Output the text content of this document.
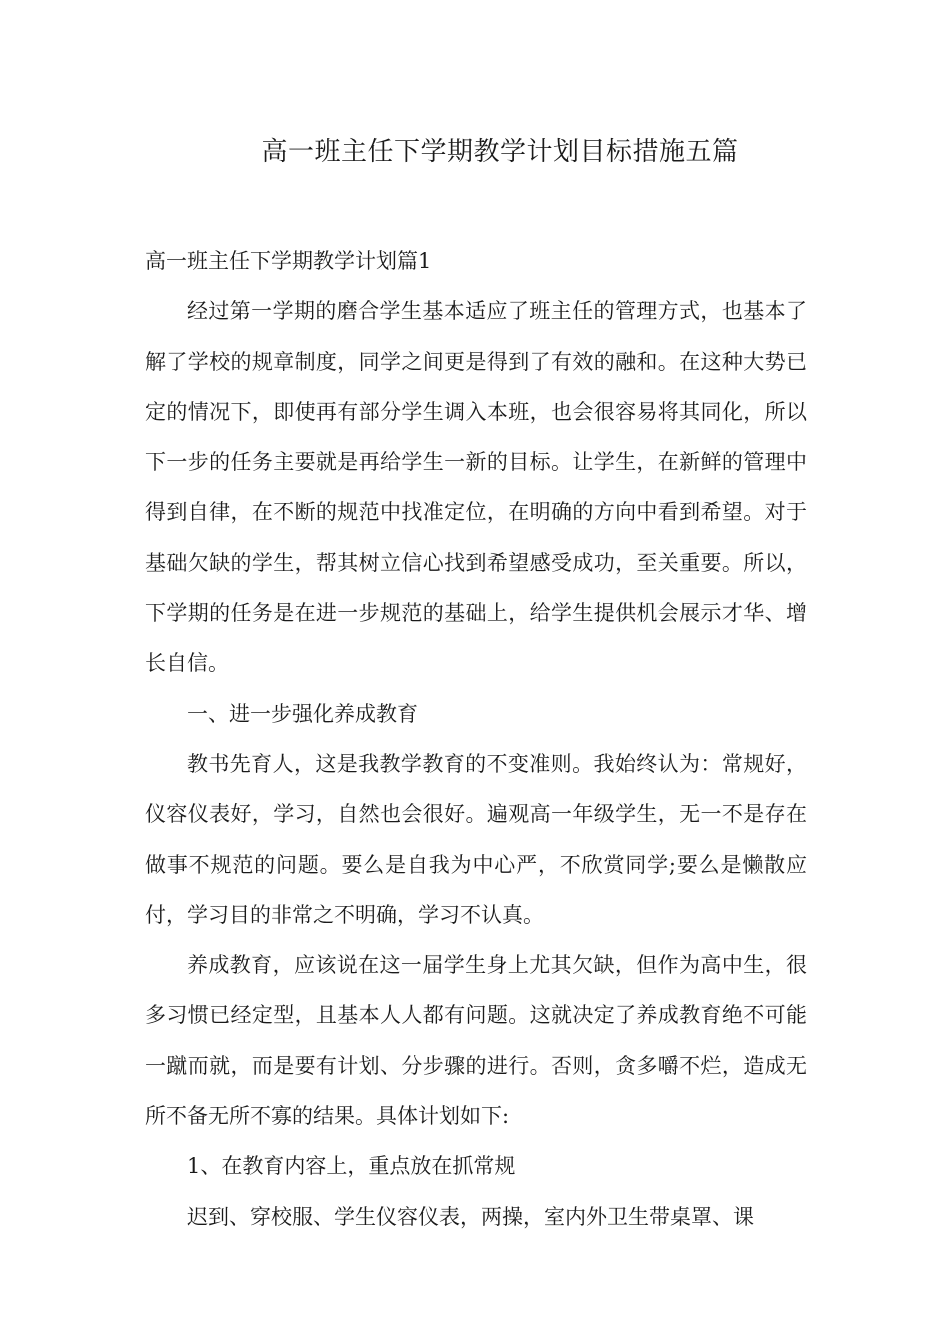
高一班主任下学期教学计划目标措施五篇

高一班主任下学期教学计划篇1

经过第一学期的磨合学生基本适应了班主任的管理方式，也基本了解了学校的规章制度，同学之间更是得到了有效的融和。在这种大势已定的情况下，即使再有部分学生调入本班，也会很容易将其同化，所以下一步的任务主要就是再给学生一新的目标。让学生，在新鲜的管理中得到自律，在不断的规范中找准定位，在明确的方向中看到希望。对于基础欠缺的学生，帮其树立信心找到希望感受成功，至关重要。所以，下学期的任务是在进一步规范的基础上，给学生提供机会展示才华、增长自信。

一、进一步强化养成教育

教书先育人，这是我教学教育的不变准则。我始终认为：常规好，仪容仪表好，学习，自然也会很好。遍观高一年级学生，无一不是存在做事不规范的问题。要么是自我为中心严，不欣赏同学;要么是懒散应付，学习目的非常之不明确，学习不认真。

养成教育，应该说在这一届学生身上尤其欠缺，但作为高中生，很多习惯已经定型，且基本人人都有问题。这就决定了养成教育绝不可能一蹴而就，而是要有计划、分步骤的进行。否则，贪多嚼不烂，造成无所不备无所不寡的结果。具体计划如下:

1、在教育内容上，重点放在抓常规

迟到、穿校服、学生仪容仪表，两操，室内外卫生带桌罩、课
